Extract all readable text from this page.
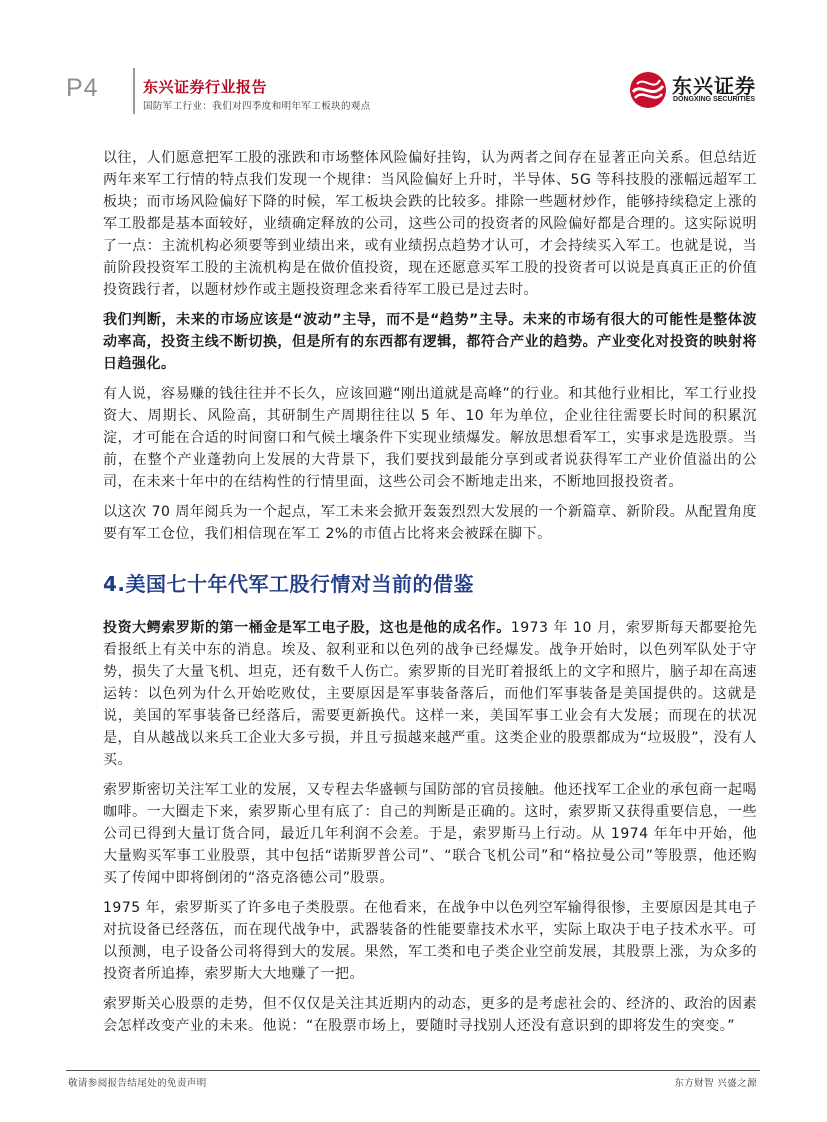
P4	东兴证券行业报告
国防军工行业：我们对四季度和明年军工板块的观点
东兴证券
DONGXING SECURITIES

以往，人们愿意把军工股的涨跌和市场整体风险偏好挂钩，认为两者之间存在显著正向关系。但总结近两年来军工行情的特点我们发现一个规律：当风险偏好上升时，半导体、5G 等科技股的涨幅远超军工板块；而市场风险偏好下降的时候，军工板块会跌的比较多。排除一些题材炒作，能够持续稳定上涨的军工股都是基本面较好，业绩确定释放的公司，这些公司的投资者的风险偏好都是合理的。这实际说明了一点：主流机构必须要等到业绩出来，或有业绩拐点趋势才认可，才会持续买入军工。也就是说，当前阶段投资军工股的主流机构是在做价值投资，现在还愿意买军工股的投资者可以说是真真正正的价值投资践行者，以题材炒作或主题投资理念来看待军工股已是过去时。

我们判断，未来的市场应该是“波动”主导，而不是“趋势”主导。未来的市场有很大的可能性是整体波动率高，投资主线不断切换，但是所有的东西都有逻辑，都符合产业的趋势。产业变化对投资的映射将日趋强化。

有人说，容易赚的钱往往并不长久，应该回避“刚出道就是高峰”的行业。和其他行业相比，军工行业投资大、周期长、风险高，其研制生产周期往往以 5 年、10 年为单位，企业往往需要长时间的积累沉淀，才可能在合适的时间窗口和气候土壤条件下实现业绩爆发。解放思想看军工，实事求是选股票。当前，在整个产业蓬勃向上发展的大背景下，我们要找到最能分享到或者说获得军工产业价值溢出的公司，在未来十年中的在结构性的行情里面，这些公司会不断地走出来，不断地回报投资者。

以这次 70 周年阅兵为一个起点，军工未来会掀开轰轰烈烈大发展的一个新篇章、新阶段。从配置角度要有军工仓位，我们相信现在军工 2%的市值占比将来会被踩在脚下。

4.美国七十年代军工股行情对当前的借鉴

投资大鳄索罗斯的第一桶金是军工电子股，这也是他的成名作。1973 年 10 月，索罗斯每天都要抢先看报纸上有关中东的消息。埃及、叙利亚和以色列的战争已经爆发。战争开始时，以色列军队处于守势，损失了大量飞机、坦克，还有数千人伤亡。索罗斯的目光盯着报纸上的文字和照片，脑子却在高速运转：以色列为什么开始吃败仗，主要原因是军事装备落后，而他们军事装备是美国提供的。这就是说，美国的军事装备已经落后，需要更新换代。这样一来，美国军事工业会有大发展；而现在的状况是，自从越战以来兵工企业大多亏损，并且亏损越来越严重。这类企业的股票都成为“垃圾股”，没有人买。

索罗斯密切关注军工业的发展，又专程去华盛顿与国防部的官员接触。他还找军工企业的承包商一起喝咖啡。一大圈走下来，索罗斯心里有底了：自己的判断是正确的。这时，索罗斯又获得重要信息，一些公司已得到大量订货合同，最近几年利润不会差。于是，索罗斯马上行动。从 1974 年年中开始，他大量购买军事工业股票，其中包括“诺斯罗普公司”、“联合飞机公司”和“格拉曼公司”等股票，他还购买了传闻中即将倒闭的“洛克洛德公司”股票。

1975 年，索罗斯买了许多电子类股票。在他看来，在战争中以色列空军输得很惨，主要原因是其电子对抗设备已经落伍，而在现代战争中，武器装备的性能要靠技术水平，实际上取决于电子技术水平。可以预测，电子设备公司将得到大的发展。果然，军工类和电子类企业空前发展，其股票上涨，为众多的投资者所追捧，索罗斯大大地赚了一把。

索罗斯关心股票的走势，但不仅仅是关注其近期内的动态，更多的是考虑社会的、经济的、政治的因素会怎样改变产业的未来。他说：“在股票市场上，要随时寻找别人还没有意识到的即将发生的突变。”

敬请参阅报告结尾处的免责声明	东方财智 兴盛之源
